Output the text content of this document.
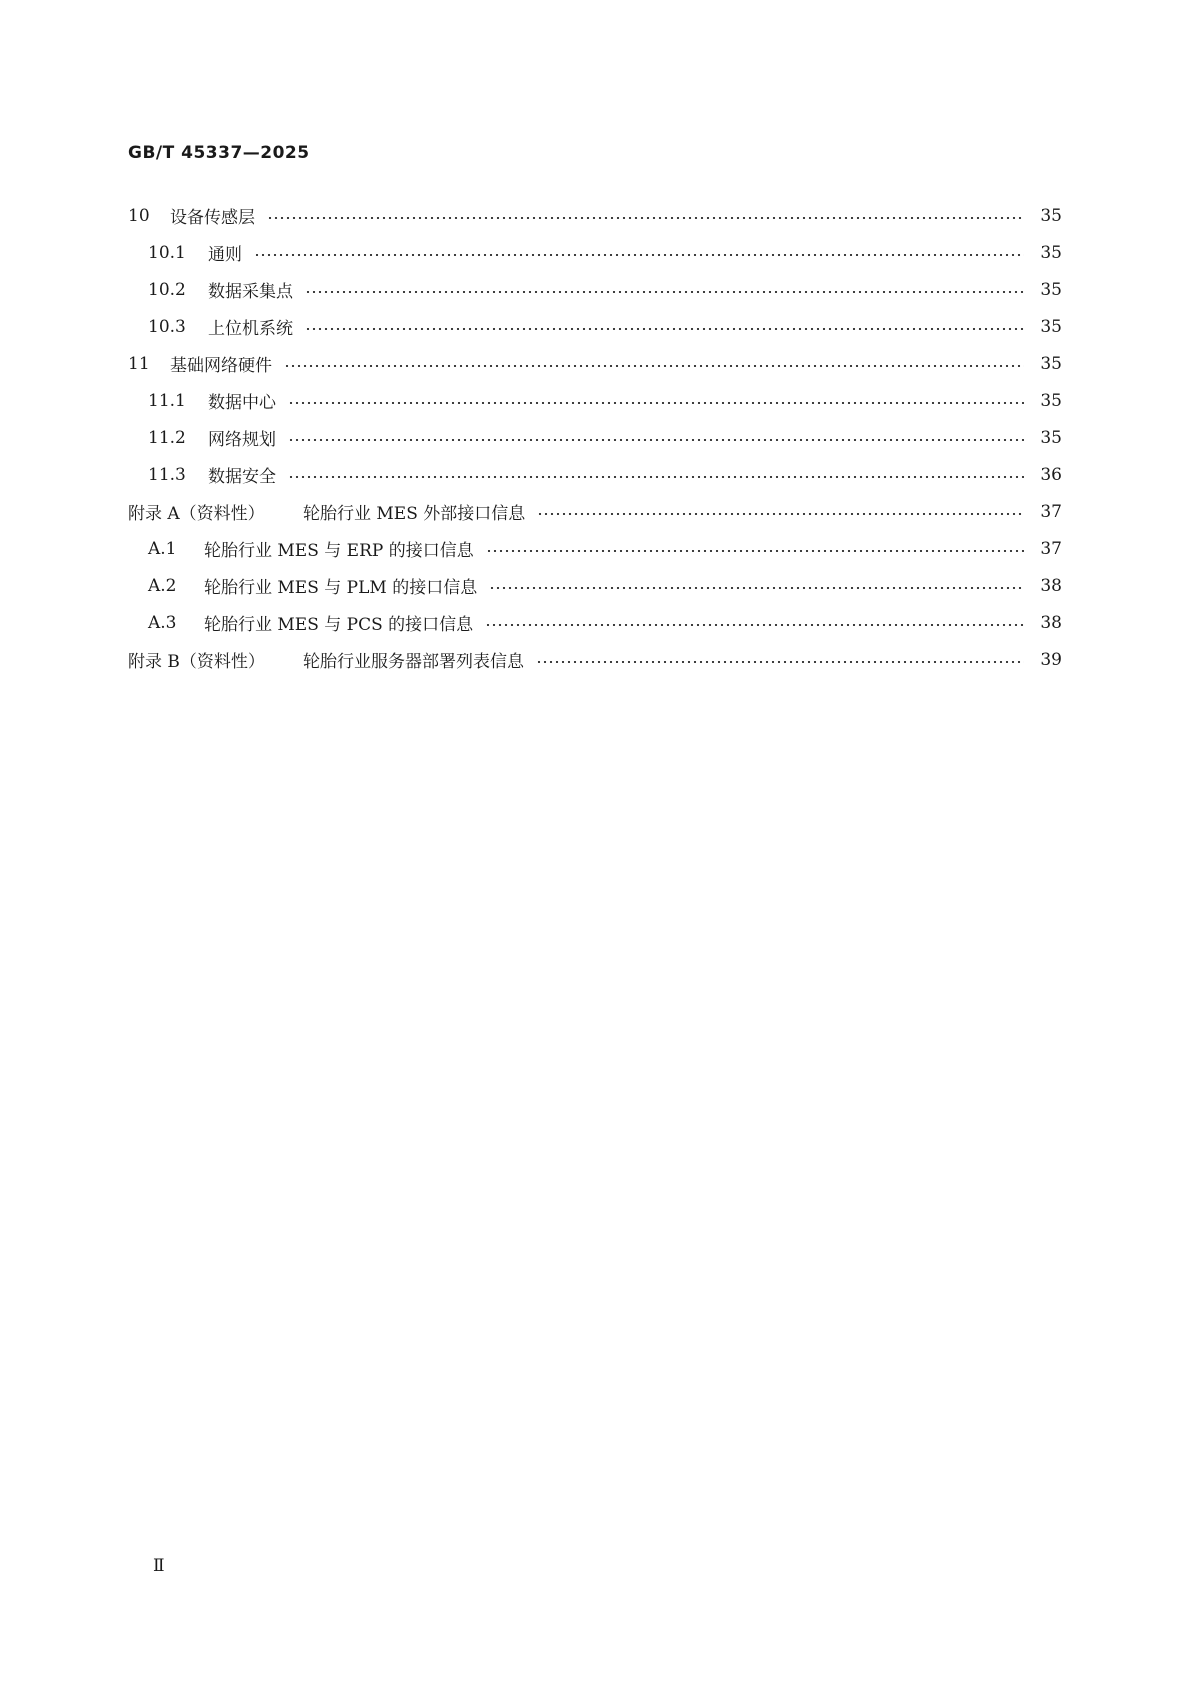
GB/T 45337—2025
10	设备传感层	35
10.1	通则	35
10.2	数据采集点	35
10.3	上位机系统	35
11	基础网络硬件	35
11.1	数据中心	35
11.2	网络规划	35
11.3	数据安全	36
附录 A（资料性）	轮胎行业 MES 外部接口信息	37
A.1	轮胎行业 MES 与 ERP 的接口信息	37
A.2	轮胎行业 MES 与 PLM 的接口信息	38
A.3	轮胎行业 MES 与 PCS 的接口信息	38
附录 B（资料性）	轮胎行业服务器部署列表信息	39
Ⅱ
